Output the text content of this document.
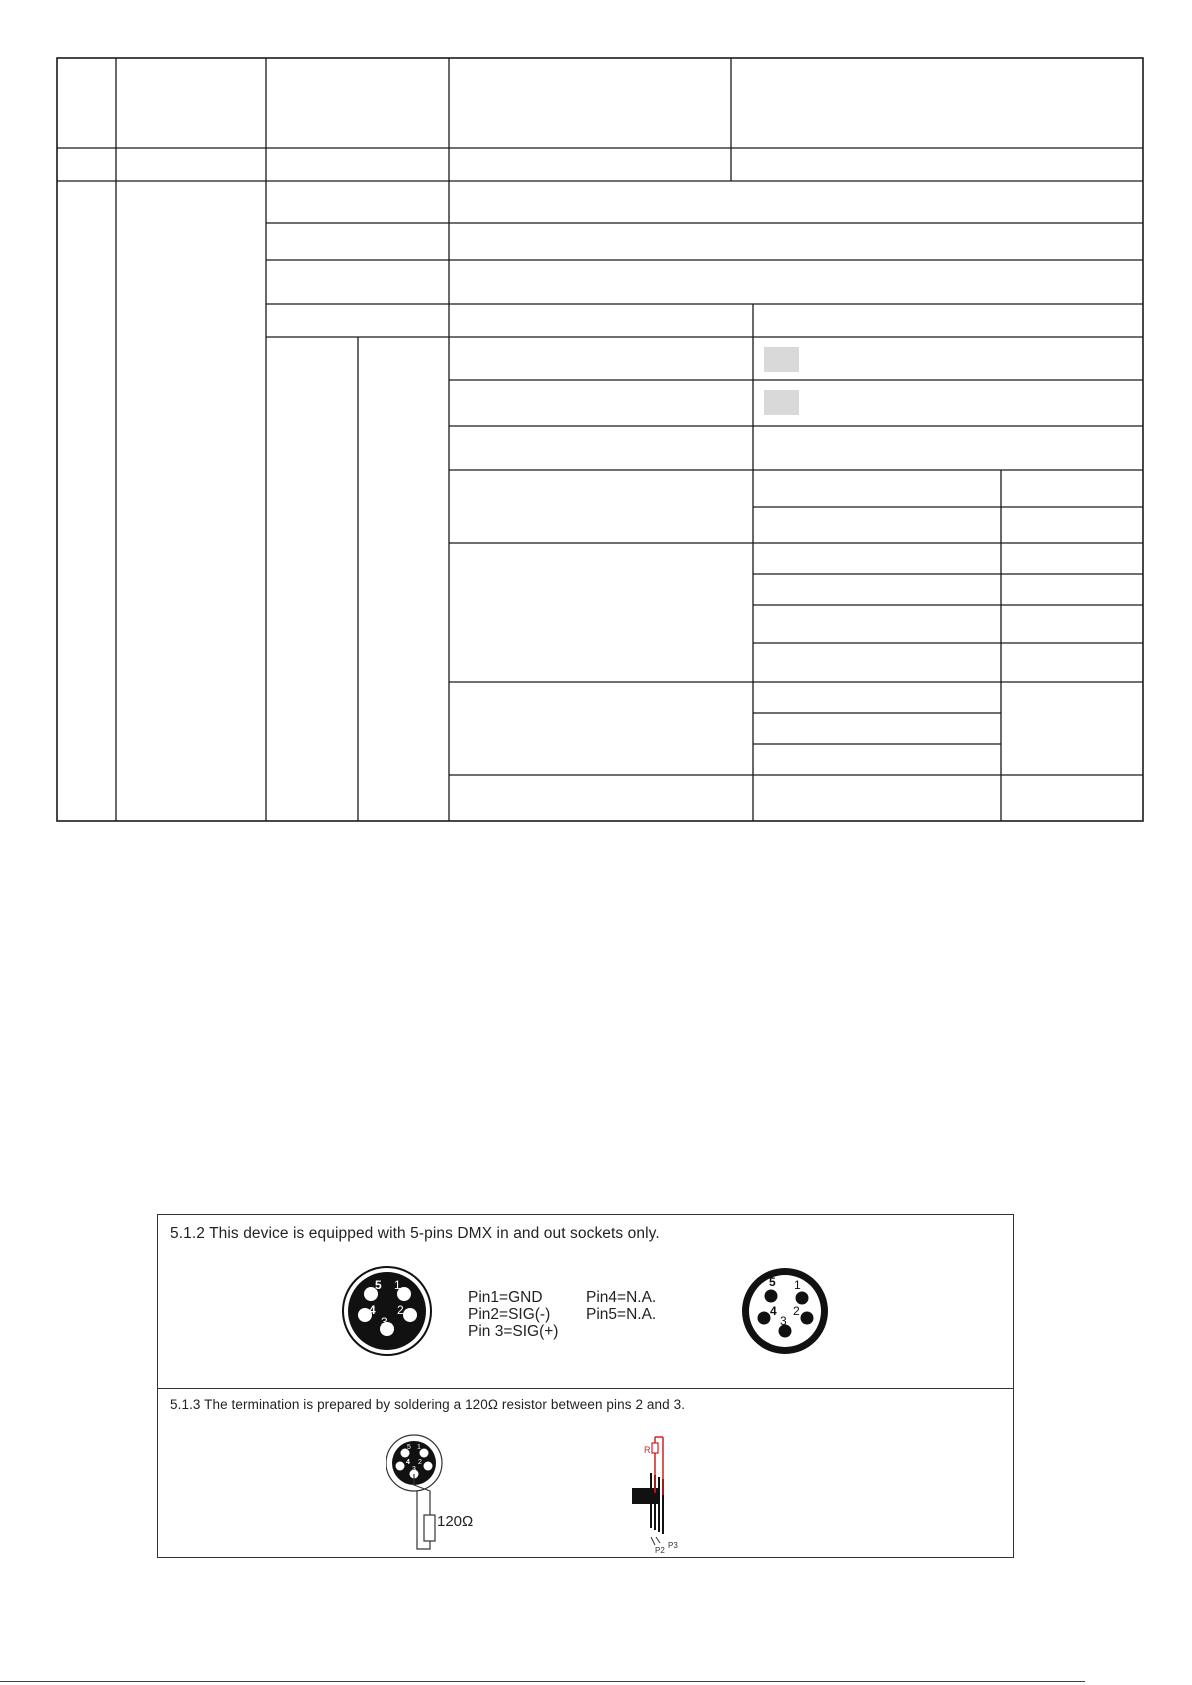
5.1.2 This device is equipped with 5-pins DMX in and out sockets only.
5 1
4 2
3
Pin1=GND
Pin2=SIG(-)
Pin 3=SIG(+)
Pin4=N.A.
Pin5=N.A.
5 1
4 2
3
5.1.3 The termination is prepared by soldering a 120Ω resistor between pins 2 and 3.
5 1
4 2
3
120Ω
R
P2
P3
